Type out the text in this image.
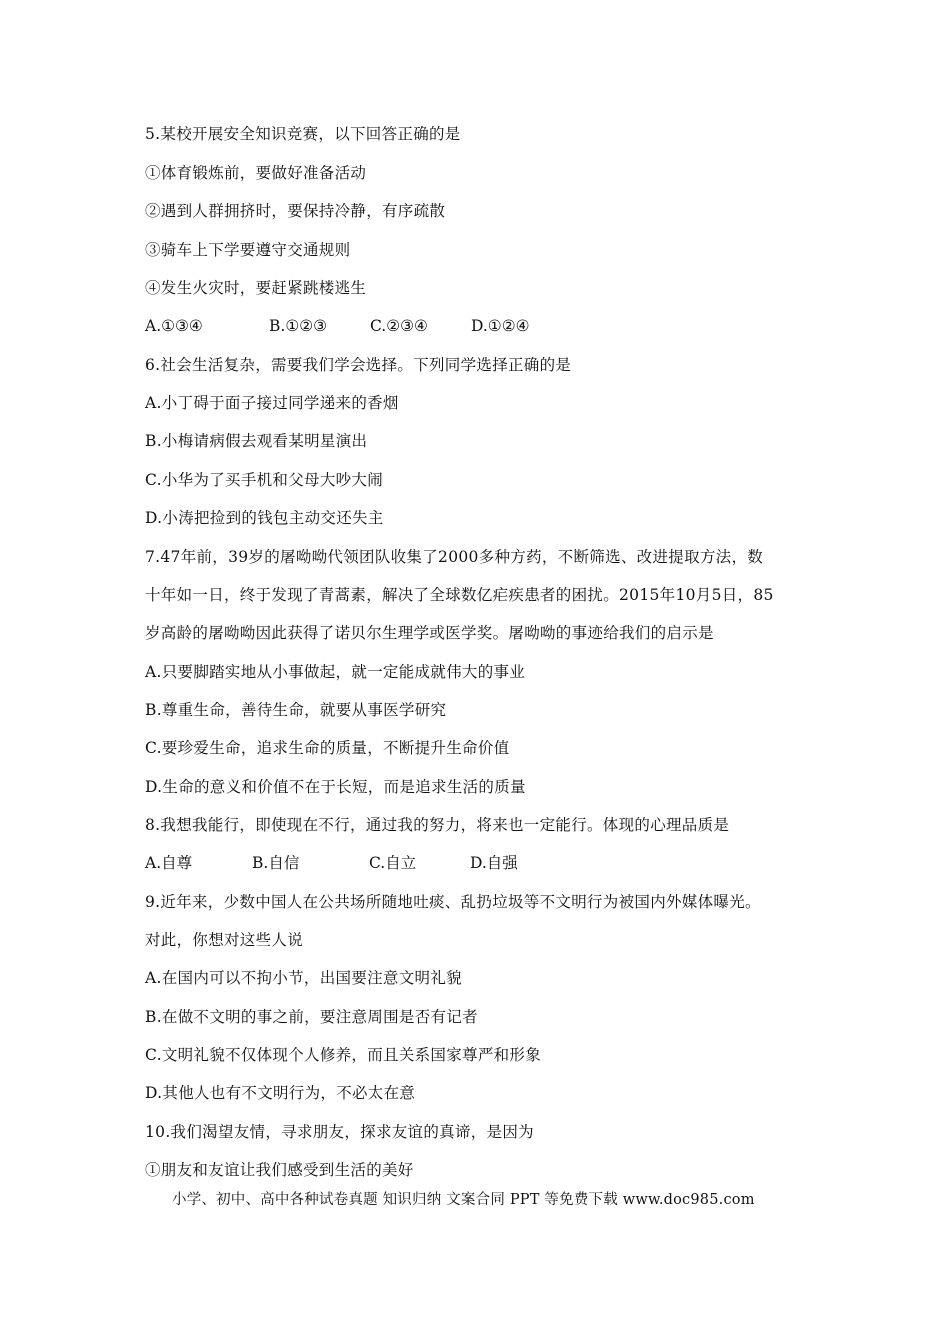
5.某校开展安全知识竞赛，以下回答正确的是
①体育锻炼前，要做好准备活动
②遇到人群拥挤时，要保持冷静，有序疏散
③骑车上下学要遵守交通规则
④发生火灾时，要赶紧跳楼逃生
A.①③④	B.①②③	C.②③④	D.①②④
6.社会生活复杂，需要我们学会选择。下列同学选择正确的是
A.小丁碍于面子接过同学递来的香烟
B.小梅请病假去观看某明星演出
C.小华为了买手机和父母大吵大闹
D.小涛把捡到的钱包主动交还失主
7.47年前，39岁的屠呦呦代领团队收集了2000多种方药，不断筛选、改进提取方法，数
十年如一日，终于发现了青蒿素，解决了全球数亿疟疾患者的困扰。2015年10月5日，85
岁高龄的屠呦呦因此获得了诺贝尔生理学或医学奖。屠呦呦的事迹给我们的启示是
A.只要脚踏实地从小事做起，就一定能成就伟大的事业
B.尊重生命，善待生命，就要从事医学研究
C.要珍爱生命，追求生命的质量，不断提升生命价值
D.生命的意义和价值不在于长短，而是追求生活的质量
8.我想我能行，即使现在不行，通过我的努力，将来也一定能行。体现的心理品质是
A.自尊	B.自信	C.自立	D.自强
9.近年来，少数中国人在公共场所随地吐痰、乱扔垃圾等不文明行为被国内外媒体曝光。
对此，你想对这些人说
A.在国内可以不拘小节，出国要注意文明礼貌
B.在做不文明的事之前，要注意周围是否有记者
C.文明礼貌不仅体现个人修养，而且关系国家尊严和形象
D.其他人也有不文明行为，不必太在意
10.我们渴望友情，寻求朋友，探求友谊的真谛，是因为
①朋友和友谊让我们感受到生活的美好
小学、初中、高中各种试卷真题 知识归纳 文案合同 PPT 等免费下载 www.doc985.com
